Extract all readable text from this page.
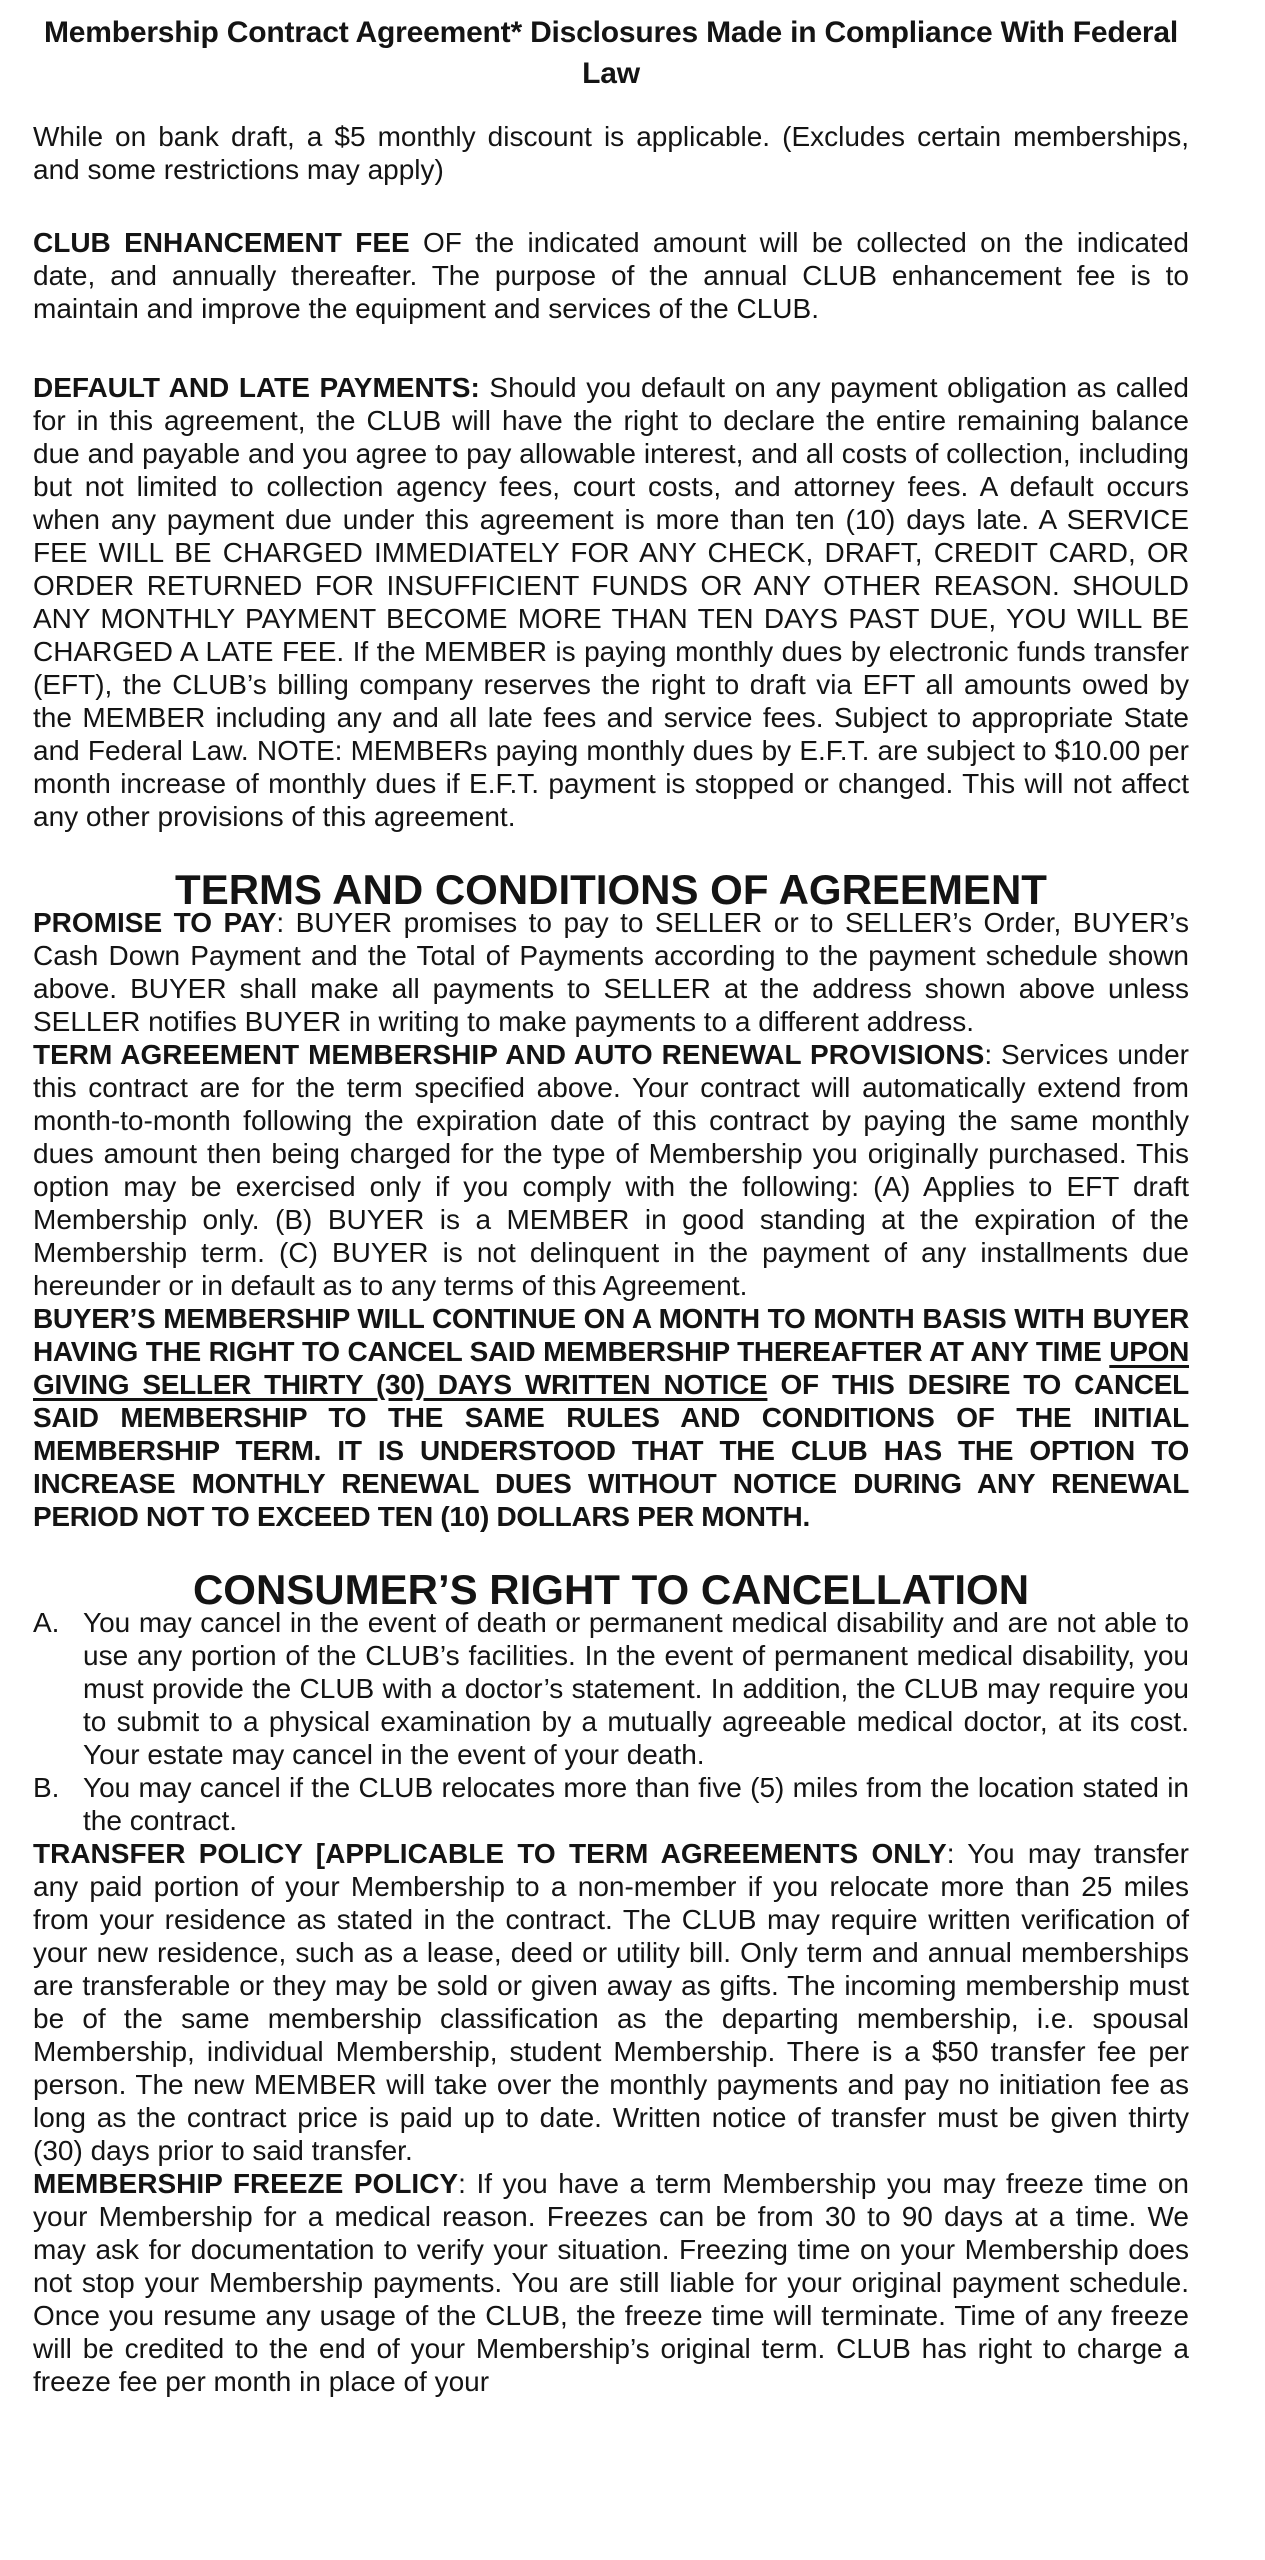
Membership Contract Agreement* Disclosures Made in Compliance With Federal Law

While on bank draft, a $5 monthly discount is applicable. (Excludes certain memberships, and some restrictions may apply)

CLUB ENHANCEMENT FEE OF the indicated amount will be collected on the indicated date, and annually thereafter. The purpose of the annual CLUB enhancement fee is to maintain and improve the equipment and services of the CLUB.

DEFAULT AND LATE PAYMENTS: Should you default on any payment obligation as called for in this agreement, the CLUB will have the right to declare the entire remaining balance due and payable and you agree to pay allowable interest, and all costs of collection, including but not limited to collection agency fees, court costs, and attorney fees. A default occurs when any payment due under this agreement is more than ten (10) days late. A SERVICE FEE WILL BE CHARGED IMMEDIATELY FOR ANY CHECK, DRAFT, CREDIT CARD, OR ORDER RETURNED FOR INSUFFICIENT FUNDS OR ANY OTHER REASON. SHOULD ANY MONTHLY PAYMENT BECOME MORE THAN TEN DAYS PAST DUE, YOU WILL BE CHARGED A LATE FEE. If the MEMBER is paying monthly dues by electronic funds transfer (EFT), the CLUB’s billing company reserves the right to draft via EFT all amounts owed by the MEMBER including any and all late fees and service fees. Subject to appropriate State and Federal Law. NOTE: MEMBERs paying monthly dues by E.F.T. are subject to $10.00 per month increase of monthly dues if E.F.T. payment is stopped or changed. This will not affect any other provisions of this agreement.

TERMS AND CONDITIONS OF AGREEMENT

PROMISE TO PAY: BUYER promises to pay to SELLER or to SELLER’s Order, BUYER’s Cash Down Payment and the Total of Payments according to the payment schedule shown above. BUYER shall make all payments to SELLER at the address shown above unless SELLER notifies BUYER in writing to make payments to a different address.

TERM AGREEMENT MEMBERSHIP AND AUTO RENEWAL PROVISIONS: Services under this contract are for the term specified above. Your contract will automatically extend from month-to-month following the expiration date of this contract by paying the same monthly dues amount then being charged for the type of Membership you originally purchased. This option may be exercised only if you comply with the following: (A) Applies to EFT draft Membership only. (B) BUYER is a MEMBER in good standing at the expiration of the Membership term. (C) BUYER is not delinquent in the payment of any installments due hereunder or in default as to any terms of this Agreement.

BUYER’S MEMBERSHIP WILL CONTINUE ON A MONTH TO MONTH BASIS WITH BUYER HAVING THE RIGHT TO CANCEL SAID MEMBERSHIP THEREAFTER AT ANY TIME UPON GIVING SELLER THIRTY (30) DAYS WRITTEN NOTICE OF THIS DESIRE TO CANCEL SAID MEMBERSHIP TO THE SAME RULES AND CONDITIONS OF THE INITIAL MEMBERSHIP TERM. IT IS UNDERSTOOD THAT THE CLUB HAS THE OPTION TO INCREASE MONTHLY RENEWAL DUES WITHOUT NOTICE DURING ANY RENEWAL PERIOD NOT TO EXCEED TEN (10) DOLLARS PER MONTH.

CONSUMER’S RIGHT TO CANCELLATION
A. You may cancel in the event of death or permanent medical disability and are not able to use any portion of the CLUB’s facilities. In the event of permanent medical disability, you must provide the CLUB with a doctor’s statement. In addition, the CLUB may require you to submit to a physical examination by a mutually agreeable medical doctor, at its cost. Your estate may cancel in the event of your death.
B. You may cancel if the CLUB relocates more than five (5) miles from the location stated in the contract.

TRANSFER POLICY [APPLICABLE TO TERM AGREEMENTS ONLY: You may transfer any paid portion of your Membership to a non-member if you relocate more than 25 miles from your residence as stated in the contract. The CLUB may require written verification of your new residence, such as a lease, deed or utility bill. Only term and annual memberships are transferable or they may be sold or given away as gifts. The incoming membership must be of the same membership classification as the departing membership, i.e. spousal Membership, individual Membership, student Membership. There is a $50 transfer fee per person. The new MEMBER will take over the monthly payments and pay no initiation fee as long as the contract price is paid up to date. Written notice of transfer must be given thirty (30) days prior to said transfer.

MEMBERSHIP FREEZE POLICY: If you have a term Membership you may freeze time on your Membership for a medical reason. Freezes can be from 30 to 90 days at a time. We may ask for documentation to verify your situation. Freezing time on your Membership does not stop your Membership payments. You are still liable for your original payment schedule. Once you resume any usage of the CLUB, the freeze time will terminate. Time of any freeze will be credited to the end of your Membership’s original term. CLUB has right to charge a freeze fee per month in place of your
